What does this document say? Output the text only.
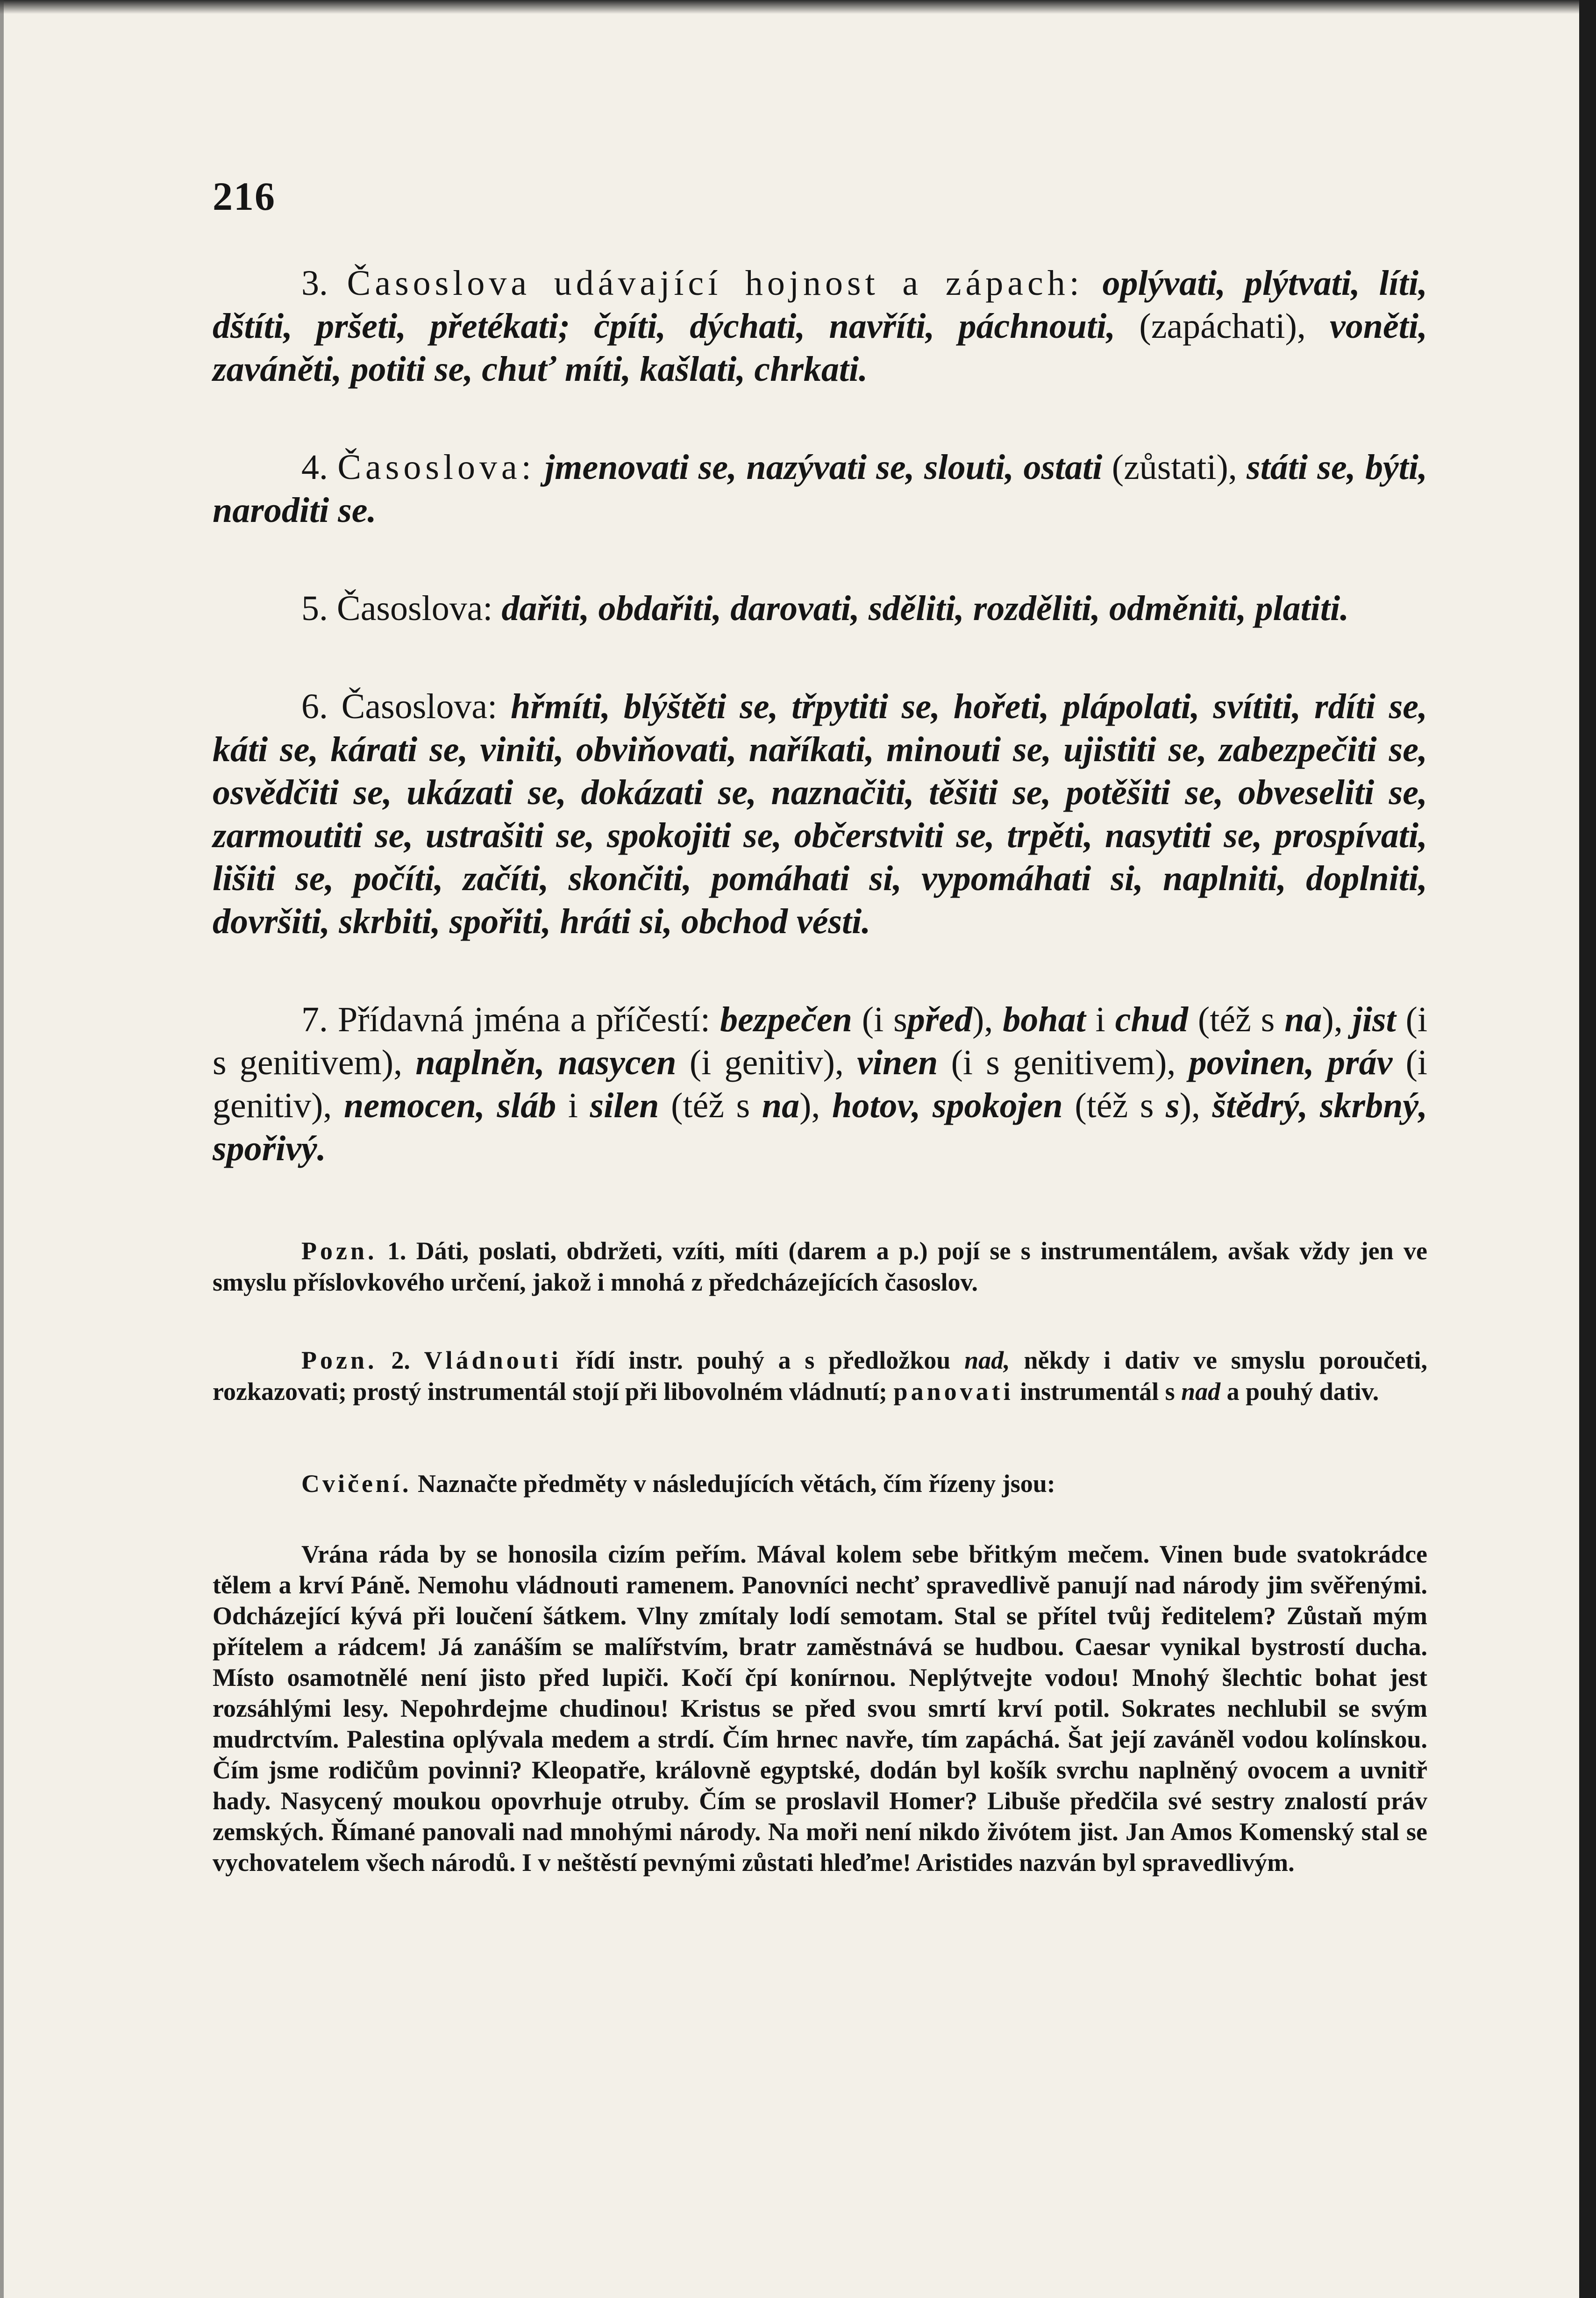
216

3. Časoslova udávající hojnost a zápach: oplývati, plýtvati, líti, dštíti, pršeti, přetékati; čpíti, dýchati, navříti, páchnouti, (zapáchati), voněti, zaváněti, potiti se, chuť míti, kašlati, chrkati.

4. Časoslova: jmenovati se, nazývati se, slouti, ostati (zůstati), státi se, býti, naroditi se.

5. Časoslova: dařiti, obdařiti, darovati, sděliti, rozděliti, odměniti, platiti.

6. Časoslova: hřmíti, blýštěti se, třpytiti se, hořeti, plápolati, svítiti, rdíti se, káti se, kárati se, viniti, obviňovati, naříkati, minouti se, ujistiti se, zabezpečiti se, osvědčiti se, ukázati se, dokázati se, naznačiti, těšiti se, potěšiti se, obveseliti se, zarmoutiti se, ustrašiti se, spokojiti se, občerstviti se, trpěti, nasytiti se, prospívati, lišiti se, počíti, začíti, skončiti, pomáhati si, vypomáhati si, naplniti, doplniti, dovršiti, skrbiti, spořiti, hráti si, obchod vésti.

7. Přídavná jména a příčestí: bezpečen (i spřed), bohat i chud (též s na), jist (i s genitivem), naplněn, nasycen (i genitiv), vinen (i s genitivem), povinen, práv (i genitiv), nemocen, sláb i silen (též s na), hotov, spokojen (též s s), štědrý, skrbný, spořivý.

Pozn. 1. Dáti, poslati, obdržeti, vzíti, míti (darem a p.) pojí se s instrumentálem, avšak vždy jen ve smyslu příslovkového určení, jakož i mnohá z předcházejících časoslov.

Pozn. 2. Vládnouti řídí instr. pouhý a s předložkou nad, někdy i dativ ve smyslu poroučeti, rozkazovati; prostý instrumentál stojí při libovolném vládnutí; panovati instrumentál s nad a pouhý dativ.

Cvičení. Naznačte předměty v následujících větách, čím řízeny jsou:

Vrána ráda by se honosila cizím peřím. Mával kolem sebe břitkým mečem. Vinen bude svatokrádce tělem a krví Páně. Nemohu vládnouti ramenem. Panovníci nechť spravedlivě panují nad národy jim svěřenými. Odcházející kývá při loučení šátkem. Vlny zmítaly lodí semotam. Stal se přítel tvůj ředitelem? Zůstaň mým přítelem a rádcem! Já zanáším se malířstvím, bratr zaměstnává se hudbou. Caesar vynikal bystrostí ducha. Místo osamotnělé není jisto před lupiči. Kočí čpí konírnou. Neplýtvejte vodou! Mnohý šlechtic bohat jest rozsáhlými lesy. Nepohrdejme chudinou! Kristus se před svou smrtí krví potil. Sokrates nechlubil se svým mudrctvím. Palestina oplývala medem a strdí. Čím hrnec navře, tím zapáchá. Šat její zaváněl vodou kolínskou. Čím jsme rodičům povinni? Kleopatře, královně egyptské, dodán byl košík svrchu naplněný ovocem a uvnitř hady. Nasycený moukou opovrhuje otruby. Čím se proslavil Homer? Libuše předčila své sestry znalostí práv zemských. Římané panovali nad mnohými národy. Na moři není nikdo živótem jist. Jan Amos Komenský stal se vychovatelem všech národů. I v neštěstí pevnými zůstati hleďme! Aristides nazván byl spravedlivým.
